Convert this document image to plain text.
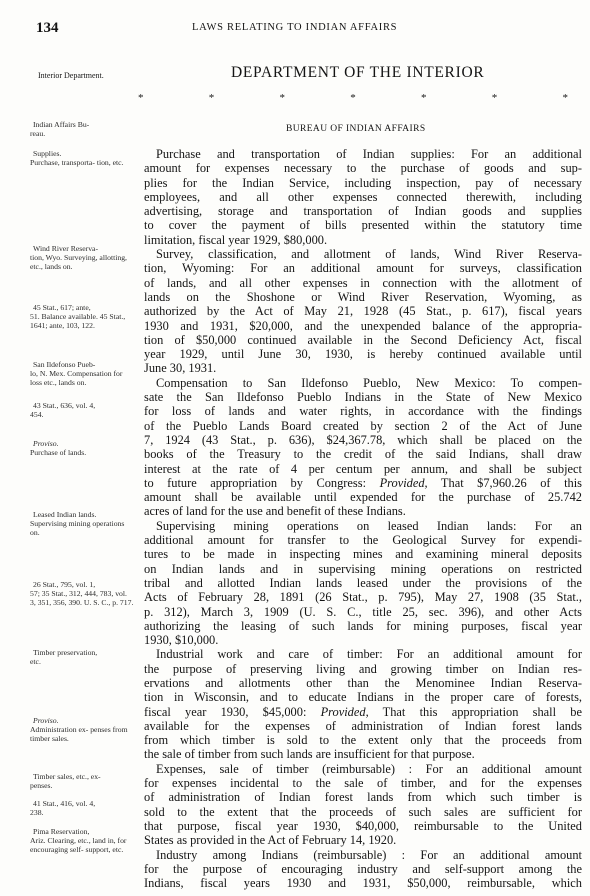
134	LAWS RELATING TO INDIAN AFFAIRS
Interior Department.	DEPARTMENT OF THE INTERIOR
*	*	*	*	*	*	*
BUREAU OF INDIAN AFFAIRS
Indian Affairs Bu-
reau.
Supplies.
Purchase, transporta- tion, etc.
Wind River Reserva-
tion, Wyo. Surveying, allotting, etc., lands on.
45 Stat., 617; ante,
51. Balance available. 45 Stat., 1641; ante, 103, 122.
San Ildefonso Pueb-
lo, N. Mex. Compensation for loss etc., lands on.
43 Stat., 636, vol. 4,
454.
Proviso.
Purchase of lands.
Leased Indian lands.
Supervising mining operations on.
26 Stat., 795, vol. 1,
57; 35 Stat., 312, 444, 783, vol. 3, 351, 356, 390. U. S. C., p. 717.
Timber preservation,
etc.
Proviso.
Administration ex- penses from timber sales.
Timber sales, etc., ex-
penses.
41 Stat., 416, vol. 4,
238.
Pima Reservation,
Ariz. Clearing, etc., land in, for encouraging self- support, etc.
Purchase and transportation of Indian supplies: For an additional
amount for expenses necessary to the purchase of goods and sup-
plies for the Indian Service, including inspection, pay of necessary
employees, and all other expenses connected therewith, including
advertising, storage and transportation of Indian goods and supplies
to cover the payment of bills presented within the statutory time
limitation, fiscal year 1929, $80,000.
Survey, classification, and allotment of lands, Wind River Reserva-
tion, Wyoming: For an additional amount for surveys, classification
of lands, and all other expenses in connection with the allotment of
lands on the Shoshone or Wind River Reservation, Wyoming, as
authorized by the Act of May 21, 1928 (45 Stat., p. 617), fiscal years
1930 and 1931, $20,000, and the unexpended balance of the appropria-
tion of $50,000 continued available in the Second Deficiency Act, fiscal
year 1929, until June 30, 1930, is hereby continued available until
June 30, 1931.
Compensation to San Ildefonso Pueblo, New Mexico: To compen-
sate the San Ildefonso Pueblo Indians in the State of New Mexico
for loss of lands and water rights, in accordance with the findings
of the Pueblo Lands Board created by section 2 of the Act of June
7, 1924 (43 Stat., p. 636), $24,367.78, which shall be placed on the
books of the Treasury to the credit of the said Indians, shall draw
interest at the rate of 4 per centum per annum, and shall be subject
to future appropriation by Congress: Provided, That $7,960.26 of this
amount shall be available until expended for the purchase of 25.742
acres of land for the use and benefit of these Indians.
Supervising mining operations on leased Indian lands: For an
additional amount for transfer to the Geological Survey for expendi-
tures to be made in inspecting mines and examining mineral deposits
on Indian lands and in supervising mining operations on restricted
tribal and allotted Indian lands leased under the provisions of the
Acts of February 28, 1891 (26 Stat., p. 795), May 27, 1908 (35 Stat.,
p. 312), March 3, 1909 (U. S. C., title 25, sec. 396), and other Acts
authorizing the leasing of such lands for mining purposes, fiscal year
1930, $10,000.
Industrial work and care of timber: For an additional amount for
the purpose of preserving living and growing timber on Indian res-
ervations and allotments other than the Menominee Indian Reserva-
tion in Wisconsin, and to educate Indians in the proper care of forests,
fiscal year 1930, $45,000: Provided, That this appropriation shall be
available for the expenses of administration of Indian forest lands
from which timber is sold to the extent only that the proceeds from
the sale of timber from such lands are insufficient for that purpose.
Expenses, sale of timber (reimbursable) : For an additional amount
for expenses incidental to the sale of timber, and for the expenses
of administration of Indian forest lands from which such timber is
sold to the extent that the proceeds of such sales are sufficient for
that purpose, fiscal year 1930, $40,000, reimbursable to the United
States as provided in the Act of February 14, 1920.
Industry among Indians (reimbursable) : For an additional amount
for the purpose of encouraging industry and self-support among the
Indians, fiscal years 1930 and 1931, $50,000, reimbursable, which
